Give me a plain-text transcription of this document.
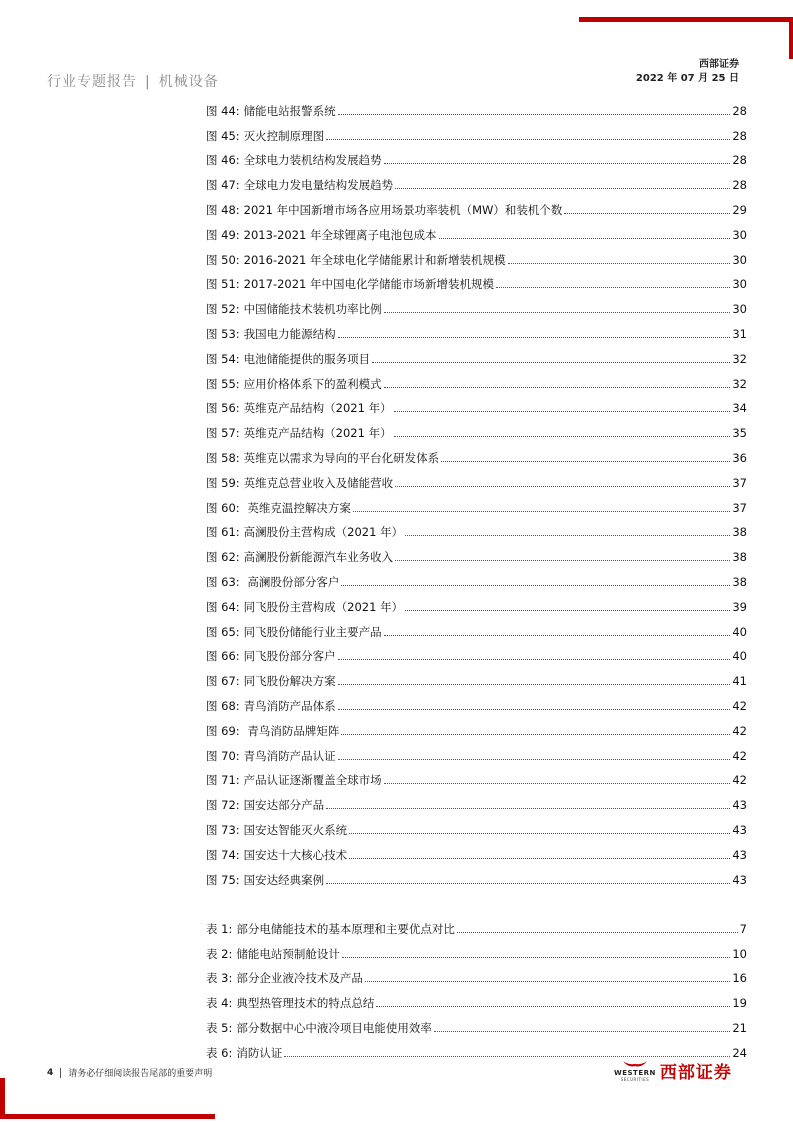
行业专题报告 | 机械设备
西部证券
2022 年 07 月 25 日
图 44: 储能电站报警系统	28
图 45: 灭火控制原理图	28
图 46: 全球电力装机结构发展趋势	28
图 47: 全球电力发电量结构发展趋势	28
图 48: 2021 年中国新增市场各应用场景功率装机（MW）和装机个数	29
图 49: 2013-2021 年全球锂离子电池包成本	30
图 50: 2016-2021 年全球电化学储能累计和新增装机规模	30
图 51: 2017-2021 年中国电化学储能市场新增装机规模	30
图 52: 中国储能技术装机功率比例	30
图 53: 我国电力能源结构	31
图 54: 电池储能提供的服务项目	32
图 55: 应用价格体系下的盈利模式	32
图 56: 英维克产品结构（2021 年）	34
图 57: 英维克产品结构（2021 年）	35
图 58: 英维克以需求为导向的平台化研发体系	36
图 59: 英维克总营业收入及储能营收	37
图 60: 英维克温控解决方案	37
图 61: 高澜股份主营构成（2021 年）	38
图 62: 高澜股份新能源汽车业务收入	38
图 63: 高澜股份部分客户	38
图 64: 同飞股份主营构成（2021 年）	39
图 65: 同飞股份储能行业主要产品	40
图 66: 同飞股份部分客户	40
图 67: 同飞股份解决方案	41
图 68: 青鸟消防产品体系	42
图 69: 青鸟消防品牌矩阵	42
图 70: 青鸟消防产品认证	42
图 71: 产品认证逐渐覆盖全球市场	42
图 72: 国安达部分产品	43
图 73: 国安达智能灭火系统	43
图 74: 国安达十大核心技术	43
图 75: 国安达经典案例	43
表 1: 部分电储能技术的基本原理和主要优点对比	7
表 2: 储能电站预制舱设计	10
表 3: 部分企业液冷技术及产品	16
表 4: 典型热管理技术的特点总结	19
表 5: 部分数据中心中液冷项目电能使用效率	21
表 6: 消防认证	24
4 请务必仔细阅读报告尾部的重要声明	WESTERN
SECURITIES 西部证券
